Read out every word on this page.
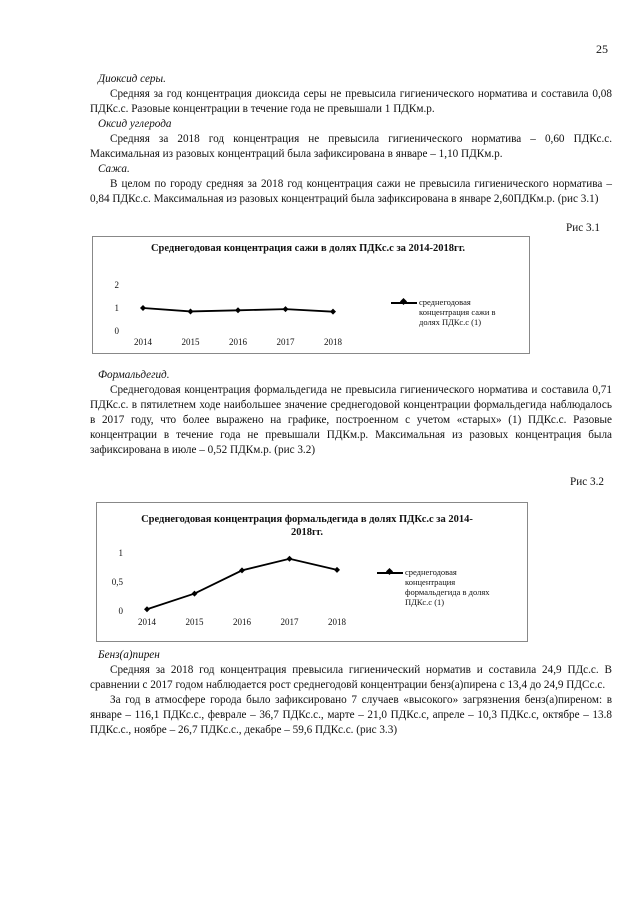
25
Диоксид серы.
Средняя за год концентрация диоксида серы не превысила гигиенического норматива и составила 0,08 ПДКс.с. Разовые концентрации в течение года не превышали 1 ПДКм.р.
Оксид углерода
Средняя за 2018 год концентрация не превысила гигиенического норматива – 0,60 ПДКс.с. Максимальная из разовых концентраций была зафиксирована в январе – 1,10 ПДКм.р.
Сажа.
В целом по городу средняя за 2018 год концентрация сажи не превысила гигиенического норматива – 0,84 ПДКс.с. Максимальная из разовых концентраций была зафиксирована в январе 2,60ПДКм.р. (рис 3.1)
Рис 3.1
Среднегодовая концентрация сажи в долях ПДКс.с за 2014-2018гг.
0
1
2
2014	2015	2016	2017	2018
среднегодовая концентрация сажи в долях ПДКс.с (1)
Формальдегид.
Среднегодовая концентрация формальдегида не превысила гигиенического норматива и составила 0,71 ПДКс.с. в пятилетнем ходе наибольшее значение среднегодовой концентрации формальдегида наблюдалось в 2017 году, что более выражено на графике, построенном с учетом «старых» (1) ПДКс.с. Разовые концентрации в течение года не превышали ПДКм.р. Максимальная из разовых концентрация была зафиксирована в июле – 0,52 ПДКм.р. (рис 3.2)
Рис 3.2
Среднегодовая концентрация формальдегида в долях ПДКс.с за 2014-2018гг.
0
0,5
1
2014	2015	2016	2017	2018
среднегодовая концентрация формальдегида в долях ПДКс.с (1)
Бенз(а)пирен
Средняя за 2018 год концентрация превысила гигиенический норматив и составила 24,9 ПДс.с. В сравнении с 2017 годом наблюдается рост среднегодовй концентрации бенз(а)пирена с 13,4 до 24,9 ПДСс.с.
За год в атмосфере города было зафиксировано 7 случаев «высокого» загрязнения бенз(а)пиреном: в январе – 116,1 ПДКс.с., феврале – 36,7 ПДКс.с., марте – 21,0 ПДКс.с, апреле – 10,3 ПДКс.с, октябре – 13.8 ПДКс.с., ноябре – 26,7 ПДКс.с., декабре – 59,6 ПДКс.с. (рис 3.3)
